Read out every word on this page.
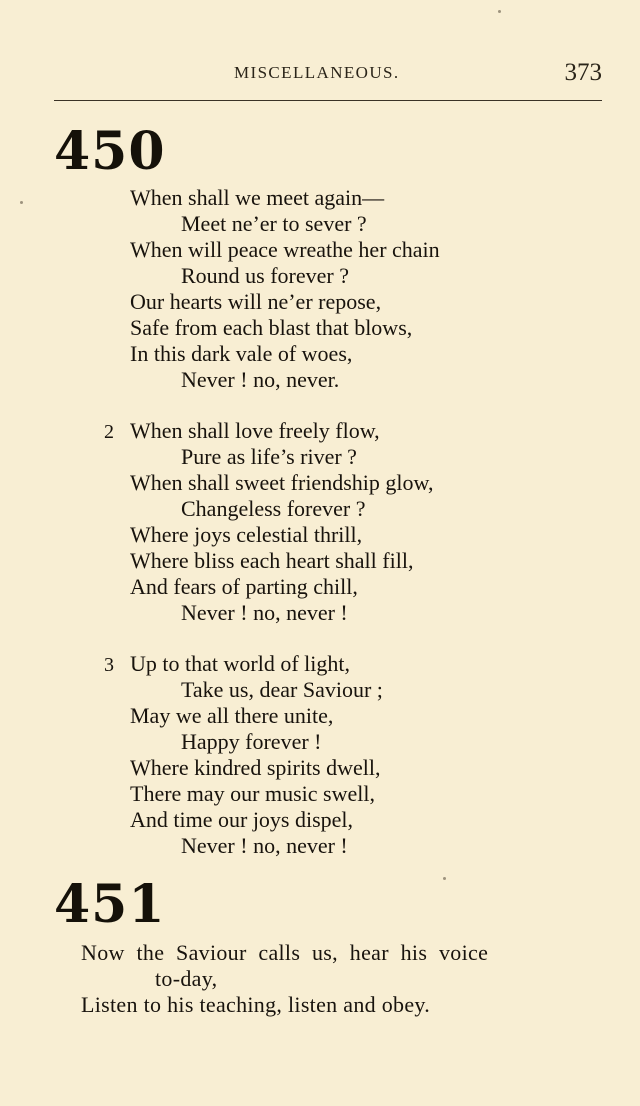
MISCELLANEOUS.	373
450
When shall we meet again—
Meet ne’er to sever ?
When will peace wreathe her chain
Round us forever ?
Our hearts will ne’er repose,
Safe from each blast that blows,
In this dark vale of woes,
Never ! no, never.
2 When shall love freely flow,
Pure as life’s river ?
When shall sweet friendship glow,
Changeless forever ?
Where joys celestial thrill,
Where bliss each heart shall fill,
And fears of parting chill,
Never ! no, never !
3 Up to that world of light,
Take us, dear Saviour ;
May we all there unite,
Happy forever !
Where kindred spirits dwell,
There may our music swell,
And time our joys dispel,
Never ! no, never !
451
Now the Saviour calls us, hear his voice
to-day,
Listen to his teaching, listen and obey.
